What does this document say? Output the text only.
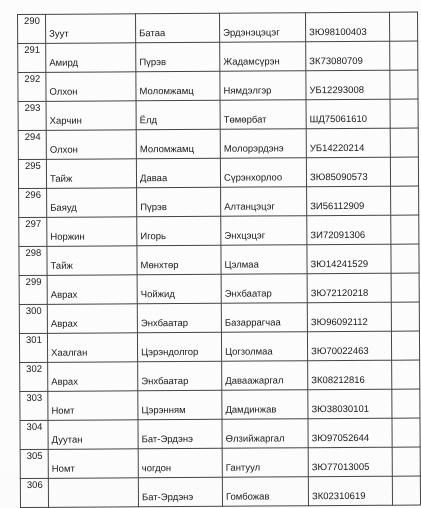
290	Зуут	Батаа	Эрдэнэцэцэг	ЗЮ98100403	
291	Амирд	Пүрэв	Жадамсүрэн	ЗК73080709	
292	Олхон	Моломжамц	Нямдэлгэр	УБ12293008	
293	Харчин	Ёлд	Төмөрбат	ШД75061610	
294	Олхон	Моломжамц	Молорэрдэнэ	УБ14220214	
295	Тайж	Даваа	Сүрэнхорлоо	ЗЮ85090573	
296	Баяуд	Пүрэв	Алтанцэцэг	ЗИ56112909	
297	Норжин	Игорь	Энхцэцэг	ЗИ72091306	
298	Тайж	Мөнхтөр	Цэлмаа	ЗЮ14241529	
299	Аврах	Чойжид	Энхбаатар	ЗЮ72120218	
300	Аврах	Энхбаатар	Базаррагчаа	ЗЮ96092112	
301	Хаалган	Цэрэндолгор	Цогзолмаа	ЗЮ70022463	
302	Аврах	Энхбаатар	Даваажаргал	ЗК08212816	
303	Номт	Цэрэнням	Дамдинжав	ЗЮ38030101	
304	Дуутан	Бат-Эрдэнэ	Өлзийжаргал	ЗЮ97052644	
305	Номт	чогдон	Гантуул	ЗЮ77013005	
306		Бат-Эрдэнэ	Гомбожав	ЗК02310619	
